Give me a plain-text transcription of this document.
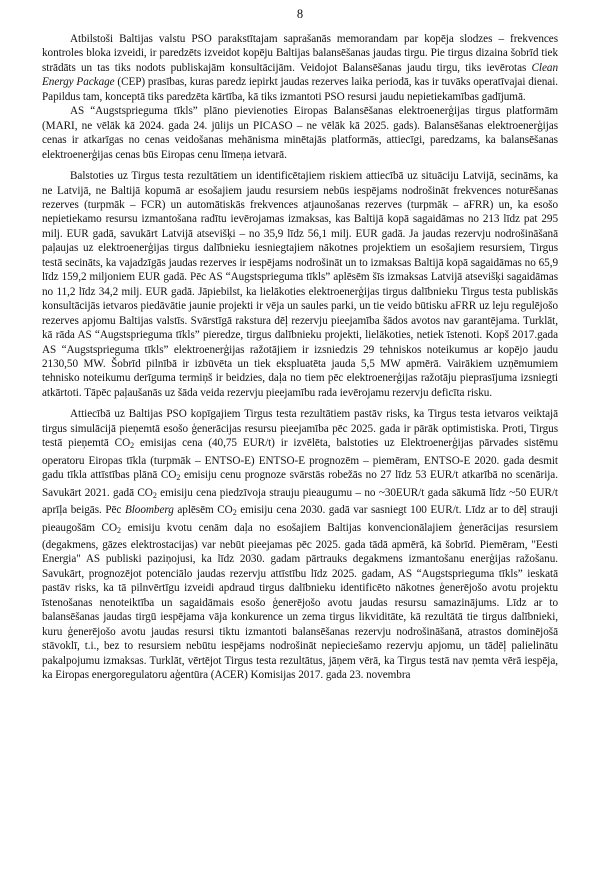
8

Atbilstoši Baltijas valstu PSO parakstītajam saprašanās memorandam par kopēja slodzes – frekvences kontroles bloka izveidi, ir paredzēts izveidot kopēju Baltijas balansēšanas jaudas tirgu. Pie tirgus dizaina šobrīd tiek strādāts un tas tiks nodots publiskajām konsultācijām. Veidojot Balansēšanas jaudu tirgu, tiks ievērotas Clean Energy Package (CEP) prasības, kuras paredz iepirkt jaudas rezerves laika periodā, kas ir tuvāks operatīvajai dienai. Papildus tam, konceptā tiks paredzēta kārtība, kā tiks izmantoti PSO resursi jaudu nepietiekamības gadījumā.

AS “Augstsprieguma tīkls” plāno pievienoties Eiropas Balansēšanas elektroenerģijas tirgus platformām (MARI, ne vēlāk kā 2024. gada 24. jūlijs un PICASO – ne vēlāk kā 2025. gads). Balansēšanas elektroenerģijas cenas ir atkarīgas no cenas veidošanas mehānisma minētajās platformās, attiecīgi, paredzams, ka balansēšanas elektroenerģijas cenas būs Eiropas cenu līmeņa ietvarā.

Balstoties uz Tirgus testa rezultātiem un identificētajiem riskiem attiecībā uz situāciju Latvijā, secināms, ka ne Latvijā, ne Baltijā kopumā ar esošajiem jaudu resursiem nebūs iespējams nodrošināt frekvences noturēšanas rezerves (turpmāk – FCR) un automātiskās frekvences atjaunošanas rezerves (turpmāk – aFRR) un, ka esošo nepietiekamo resursu izmantošana radītu ievērojamas izmaksas, kas Baltijā kopā sagaidāmas no 213 līdz pat 295 milj. EUR gadā, savukārt Latvijā atsevišķi – no 35,9 līdz 56,1 milj. EUR gadā. Ja jaudas rezervju nodrošināšanā paļaujas uz elektroenerģijas tirgus dalībnieku iesniegtajiem nākotnes projektiem un esošajiem resursiem, Tirgus testā secināts, ka vajadzīgās jaudas rezerves ir iespējams nodrošināt un to izmaksas Baltijā kopā sagaidāmas no 65,9 līdz 159,2 miljoniem EUR gadā. Pēc AS “Augstsprieguma tīkls” aplēsēm šīs izmaksas Latvijā atsevišķi sagaidāmas no 11,2 līdz 34,2 milj. EUR gadā. Jāpiebilst, ka lielākoties elektroenerģijas tirgus dalībnieku Tirgus testa publiskās konsultācijās ietvaros piedāvātie jaunie projekti ir vēja un saules parki, un tie veido būtisku aFRR uz leju regulējošo rezerves apjomu Baltijas valstīs. Svārstīgā rakstura dēļ rezervju pieejamība šādos avotos nav garantējama. Turklāt, kā rāda AS “Augstsprieguma tīkls” pieredze, tirgus dalībnieku projekti, lielākoties, netiek īstenoti. Kopš 2017.gada AS “Augstsprieguma tīkls” elektroenerģijas ražotājiem ir izsniedzis 29 tehniskos noteikumus ar kopējo jaudu 2130,50 MW. Šobrīd pilnībā ir izbūvēta un tiek ekspluatēta jauda 5,5 MW apmērā. Vairākiem uzņēmumiem tehnisko noteikumu derīguma termiņš ir beidzies, daļa no tiem pēc elektroenerģijas ražotāju pieprasījuma izsniegti atkārtoti. Tāpēc paļaušanās uz šāda veida rezervju pieejamību rada ievērojamu rezervju deficīta risku.

Attiecībā uz Baltijas PSO kopīgajiem Tirgus testa rezultātiem pastāv risks, ka Tirgus testa ietvaros veiktajā tirgus simulācijā pieņemtā esošo ģenerācijas resursu pieejamība pēc 2025. gada ir pārāk optimistiska. Proti, Tirgus testā pieņemtā CO2 emisijas cena (40,75 EUR/t) ir izvēlēta, balstoties uz Elektroenerģijas pārvades sistēmu operatoru Eiropas tīkla (turpmāk – ENTSO-E) ENTSO-E prognozēm – piemēram, ENTSO-E 2020. gada desmit gadu tīkla attīstības plānā CO2 emisiju cenu prognoze svārstās robežās no 27 līdz 53 EUR/t atkarībā no scenārija. Savukārt 2021. gadā CO2 emisiju cena piedzīvoja strauju pieaugumu – no ~30EUR/t gada sākumā līdz ~50 EUR/t aprīļa beigās. Pēc Bloomberg aplēsēm CO2 emisiju cena 2030. gadā var sasniegt 100 EUR/t. Līdz ar to dēļ strauji pieaugošām CO2 emisiju kvotu cenām daļa no esošajiem Baltijas konvencionālajiem ģenerācijas resursiem (degakmens, gāzes elektrostacijas) var nebūt pieejamas pēc 2025. gada tādā apmērā, kā šobrīd. Piemēram, "Eesti Energia" AS publiski paziņojusi, ka līdz 2030. gadam pārtrauks degakmens izmantošanu enerģijas ražošanu. Savukārt, prognozējot potenciālo jaudas rezervju attīstību līdz 2025. gadam, AS “Augstsprieguma tīkls” ieskatā pastāv risks, ka tā pilnvērtīgu izveidi apdraud tirgus dalībnieku identificēto nākotnes ģenerējošo avotu projektu īstenošanas nenoteiktība un sagaidāmais esošo ģenerējošo avotu jaudas resursu samazinājums. Līdz ar to balansēšanas jaudas tirgū iespējama vāja konkurence un zema tirgus likviditāte, kā rezultātā tie tirgus dalībnieki, kuru ģenerējošo avotu jaudas resursi tiktu izmantoti balansēšanas rezervju nodrošināšanā, atrastos dominējošā stāvoklī, t.i., bez to resursiem nebūtu iespējams nodrošināt nepieciešamo rezervju apjomu, un tādēļ palielinātu pakalpojumu izmaksas. Turklāt, vērtējot Tirgus testa rezultātus, jāņem vērā, ka Tirgus testā nav ņemta vērā iespēja, ka Eiropas energoregulatoru aģentūra (ACER) Komisijas 2017. gada 23. novembra
